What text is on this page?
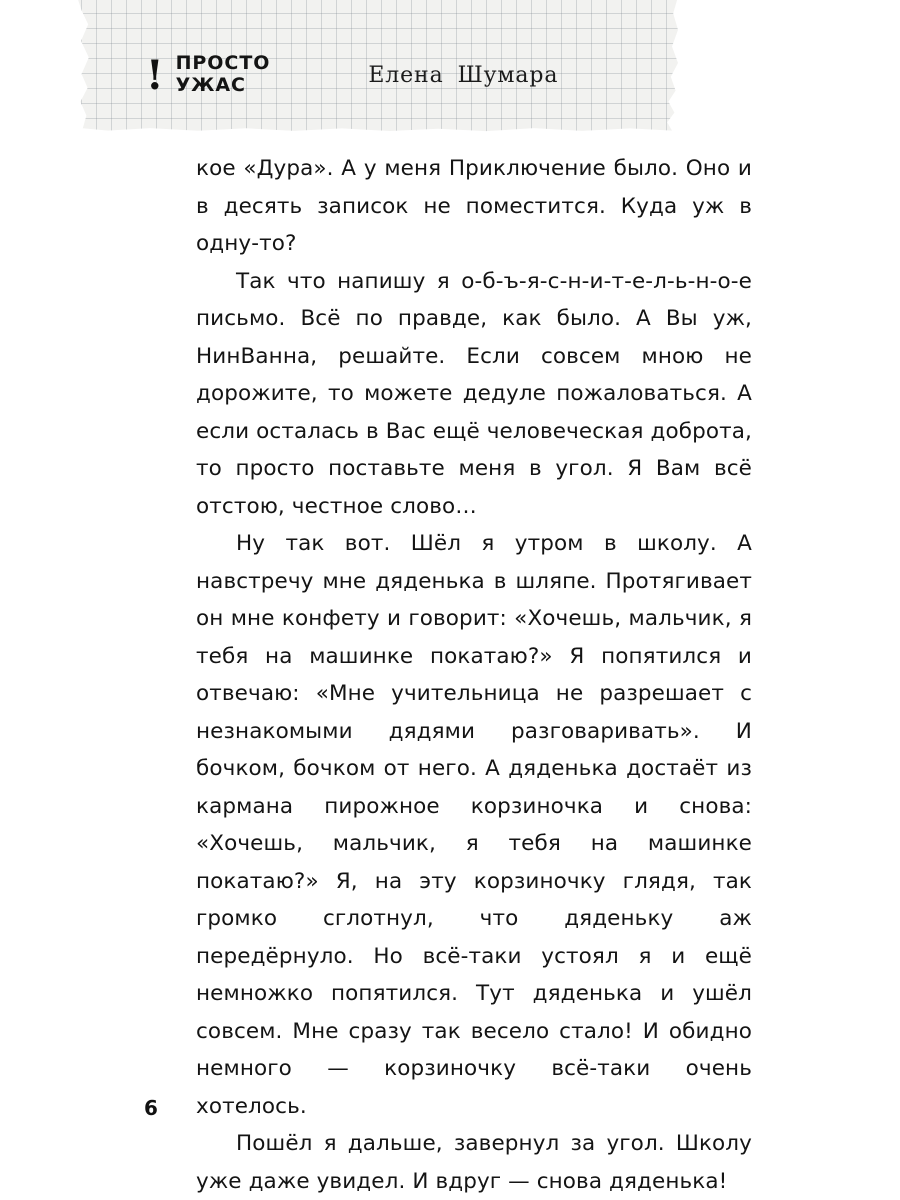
! ПРОСТО
УЖАС	Елена Шумара

кое «Дура». А у меня Приключение было. Оно и в десять записок не поместится. Куда уж в одну-то?

Так что напишу я о-б-ъ-я-с-н-и-т-е-л-ь-н-о-е письмо. Всё по правде, как было. А Вы уж, НинВанна, решайте. Если совсем мною не дорожите, то можете дедуле пожаловаться. А если осталась в Вас ещё человеческая доброта, то просто поставьте меня в угол. Я Вам всё отстою, честное слово…

Ну так вот. Шёл я утром в школу. А навстречу мне дяденька в шляпе. Протягивает он мне конфету и говорит: «Хочешь, мальчик, я тебя на машинке покатаю?» Я попятился и отвечаю: «Мне учительница не разрешает с незнакомыми дядями разговаривать». И бочком, бочком от него. А дяденька достаёт из кармана пирожное корзиночка и снова: «Хочешь, мальчик, я тебя на машинке покатаю?» Я, на эту корзиночку глядя, так громко сглотнул, что дяденьку аж передёрнуло. Но всё-таки устоял я и ещё немножко попятился. Тут дяденька и ушёл совсем. Мне сразу так весело стало! И обидно немного — корзиночку всё-таки очень хотелось.

Пошёл я дальше, завернул за угол. Школу уже даже увидел. И вдруг — снова дяденька!

6
